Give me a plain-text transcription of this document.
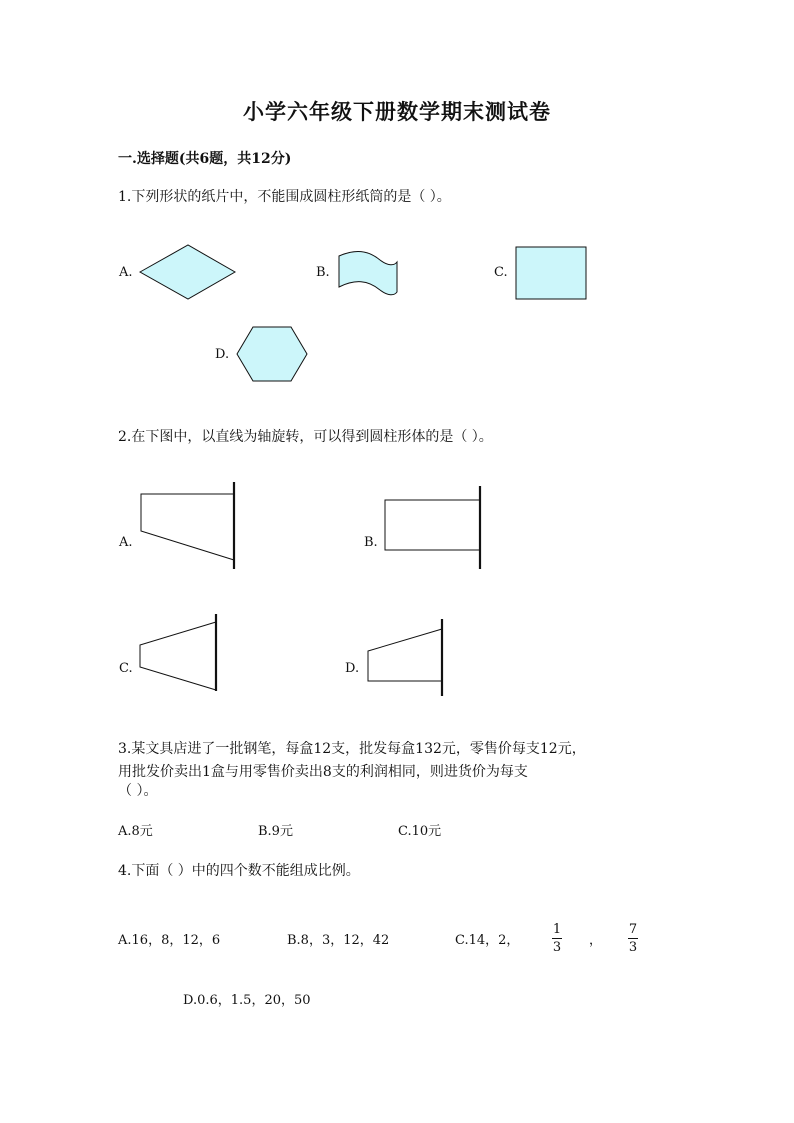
小学六年级下册数学期末测试卷
一.选择题(共6题，共12分)
1.下列形状的纸片中，不能围成圆柱形纸筒的是（ ）。
A.	B.	C.
D.
2.在下图中，以直线为轴旋转，可以得到圆柱形体的是（ ）。
A.	B.
C.	D.
3.某文具店进了一批钢笔，每盒12支，批发每盒132元，零售价每支12元，
用批发价卖出1盒与用零售价卖出8支的利润相同，则进货价为每支
（ ）。
A.8元	B.9元	C.10元
4.下面（ ）中的四个数不能组成比例。
A.16，8，12，6	B.8，3，12，42	C.14，2，
1
3 ，
7
3
D.0.6，1.5，20，50
